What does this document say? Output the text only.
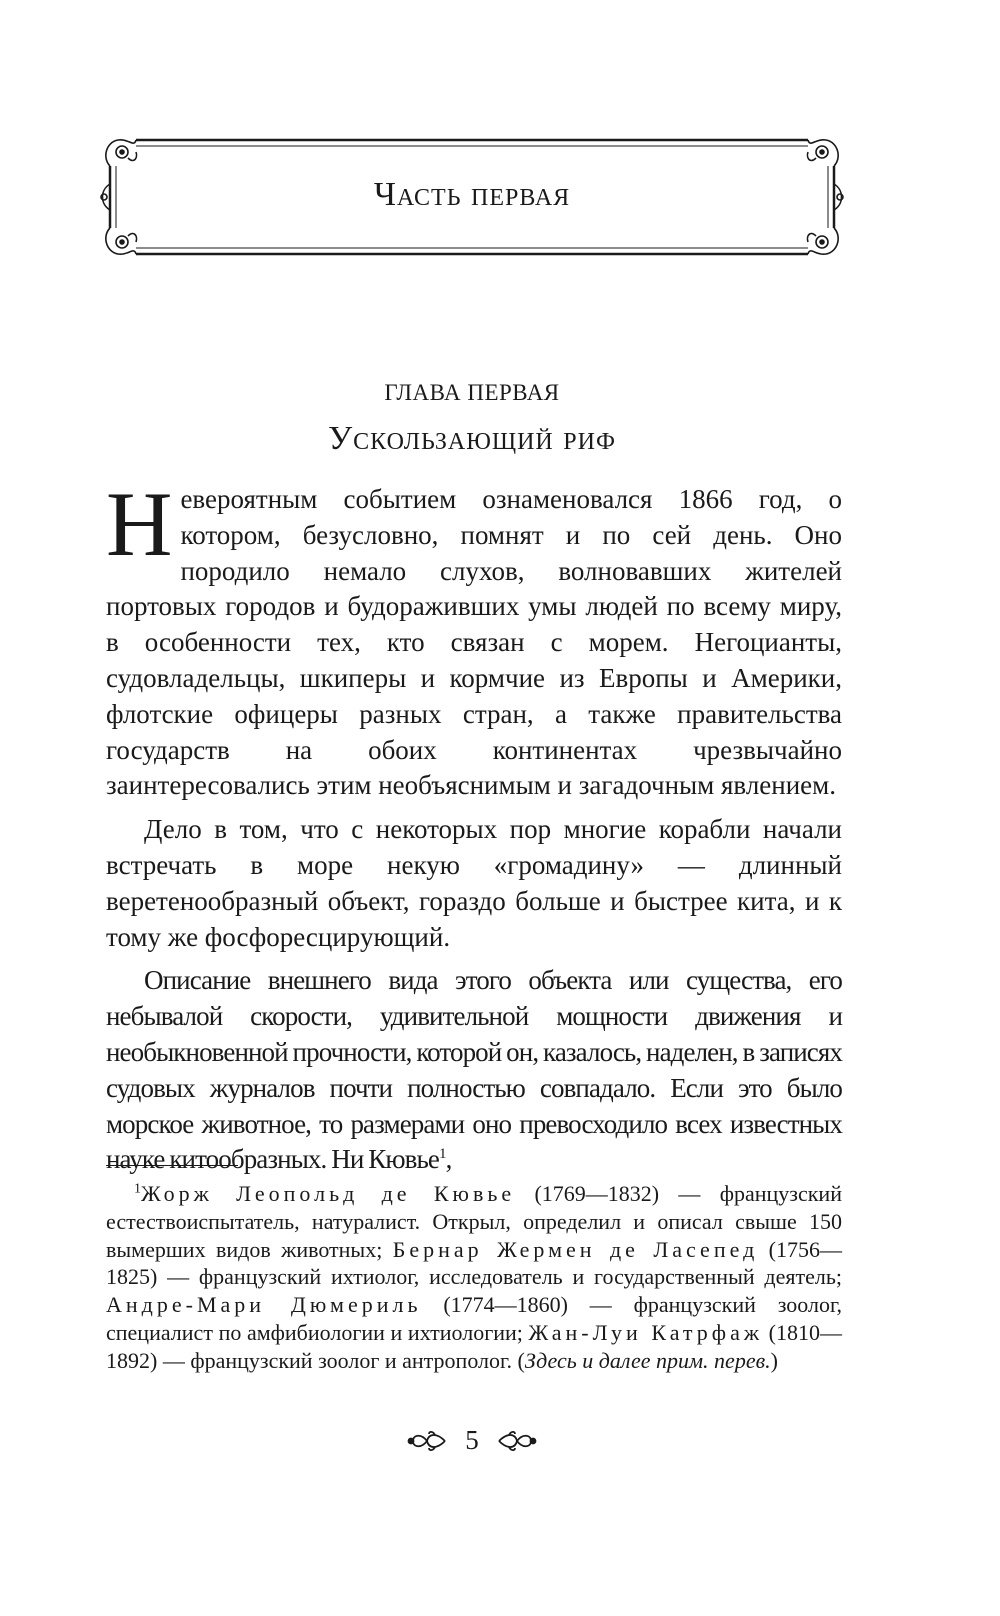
Часть первая
ГЛАВА ПЕРВАЯ
Ускользающий риф

Невероятным событием ознаменовался 1866 год, о котором, безусловно, помнят и по сей день. Оно породило немало слухов, волновавших жителей портовых городов и будораживших умы людей по всему миру, в особенности тех, кто связан с морем. Негоцианты, судовладельцы, шкиперы и кормчие из Европы и Америки, флотские офицеры разных стран, а также правительства государств на обоих континентах чрезвычайно заинтересовались этим необъяснимым и загадочным явлением.

Дело в том, что с некоторых пор многие корабли начали встречать в море некую «громадину» — длинный веретенообразный объект, гораздо больше и быстрее кита, и к тому же фосфоресцирующий.

Описание внешнего вида этого объекта или существа, его небывалой скорости, удивительной мощности движения и необыкновенной прочности, которой он, казалось, наделен, в записях судовых журналов почти полностью совпадало. Если это было морское животное, то размерами оно превосходило всех известных науке китообразных. Ни Кювье$^1$,

$^1$Жорж Леопольд де Кювье (1769—1832) — французский естествоиспытатель, натуралист. Открыл, определил и описал свыше 150 вымерших видов животных; Бернар Жермен де Ласепед (1756—1825) — французский ихтиолог, исследователь и государственный деятель; Андре-Мари Дюмериль (1774—1860) — французский зоолог, специалист по амфибиологии и ихтиологии; Жан-Луи Катрфаж (1810—1892) — французский зоолог и антрополог. (Здесь и далее прим. перев.)

5
